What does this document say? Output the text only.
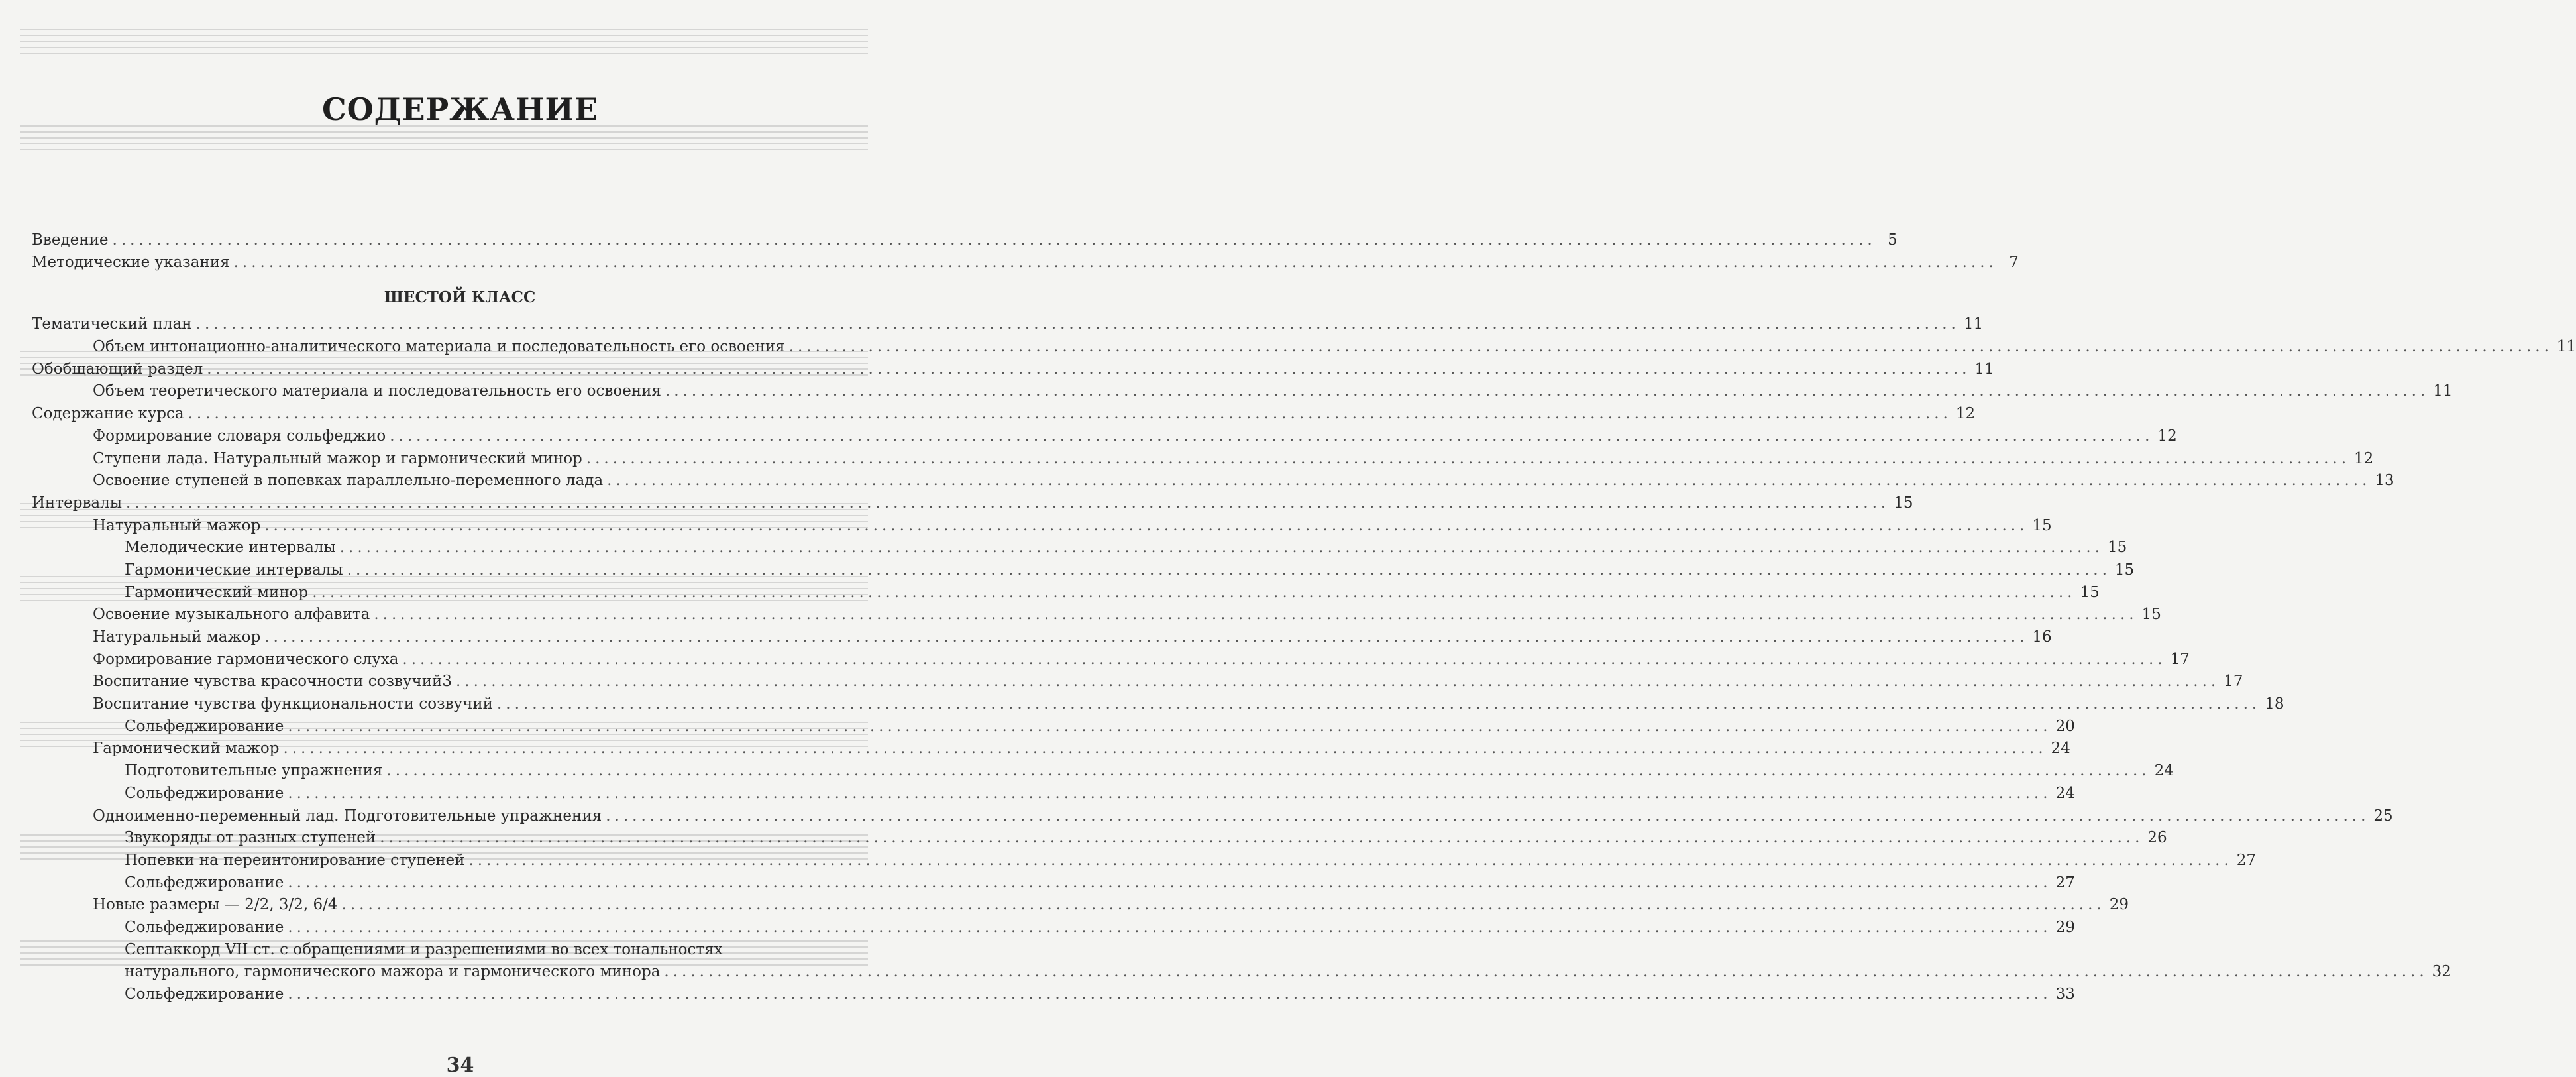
СОДЕРЖАНИЕ
Введение ........................................................................................................................................................................................................ 5
Методические указания ........................................................................................................................................................................................................ 7
ШЕСТОЙ КЛАСС
Тематический план ........................................................................................................................................................................................................ 11
Объем интонационно-аналитического материала и последовательность его освоения ........................................................................................................................................................................................................ 11
Обобщающий раздел ........................................................................................................................................................................................................ 11
Объем теоретического материала и последовательность его освоения ........................................................................................................................................................................................................ 11
Содержание курса ........................................................................................................................................................................................................ 12
Формирование словаря сольфеджио ........................................................................................................................................................................................................ 12
Ступени лада. Натуральный мажор и гармонический минор ........................................................................................................................................................................................................ 12
Освоение ступеней в попевках параллельно-переменного лада ........................................................................................................................................................................................................ 13
Интервалы ........................................................................................................................................................................................................ 15
Натуральный мажор ........................................................................................................................................................................................................ 15
Мелодические интервалы ........................................................................................................................................................................................................ 15
Гармонические интервалы ........................................................................................................................................................................................................ 15
Гармонический минор ........................................................................................................................................................................................................ 15
Освоение музыкального алфавита ........................................................................................................................................................................................................ 15
Натуральный мажор ........................................................................................................................................................................................................ 16
Формирование гармонического слуха ........................................................................................................................................................................................................ 17
Воспитание чувства красочности созвучий3 ........................................................................................................................................................................................................ 17
Воспитание чувства функциональности созвучий ........................................................................................................................................................................................................ 18
Сольфеджирование ........................................................................................................................................................................................................ 20
Гармонический мажор ........................................................................................................................................................................................................ 24
Подготовительные упражнения ........................................................................................................................................................................................................ 24
Сольфеджирование ........................................................................................................................................................................................................ 24
Одноименно-переменный лад. Подготовительные упражнения ........................................................................................................................................................................................................ 25
Звукоряды от разных ступеней ........................................................................................................................................................................................................ 26
Попевки на переинтонирование ступеней ........................................................................................................................................................................................................ 27
Сольфеджирование ........................................................................................................................................................................................................ 27
Новые размеры — 2/2, 3/2, 6/4 ........................................................................................................................................................................................................ 29
Сольфеджирование ........................................................................................................................................................................................................ 29
Септаккорд VII ст. с обращениями и разрешениями во всех тональностях
натурального, гармонического мажора и гармонического минора ........................................................................................................................................................................................................ 32
Сольфеджирование ........................................................................................................................................................................................................ 33
34
